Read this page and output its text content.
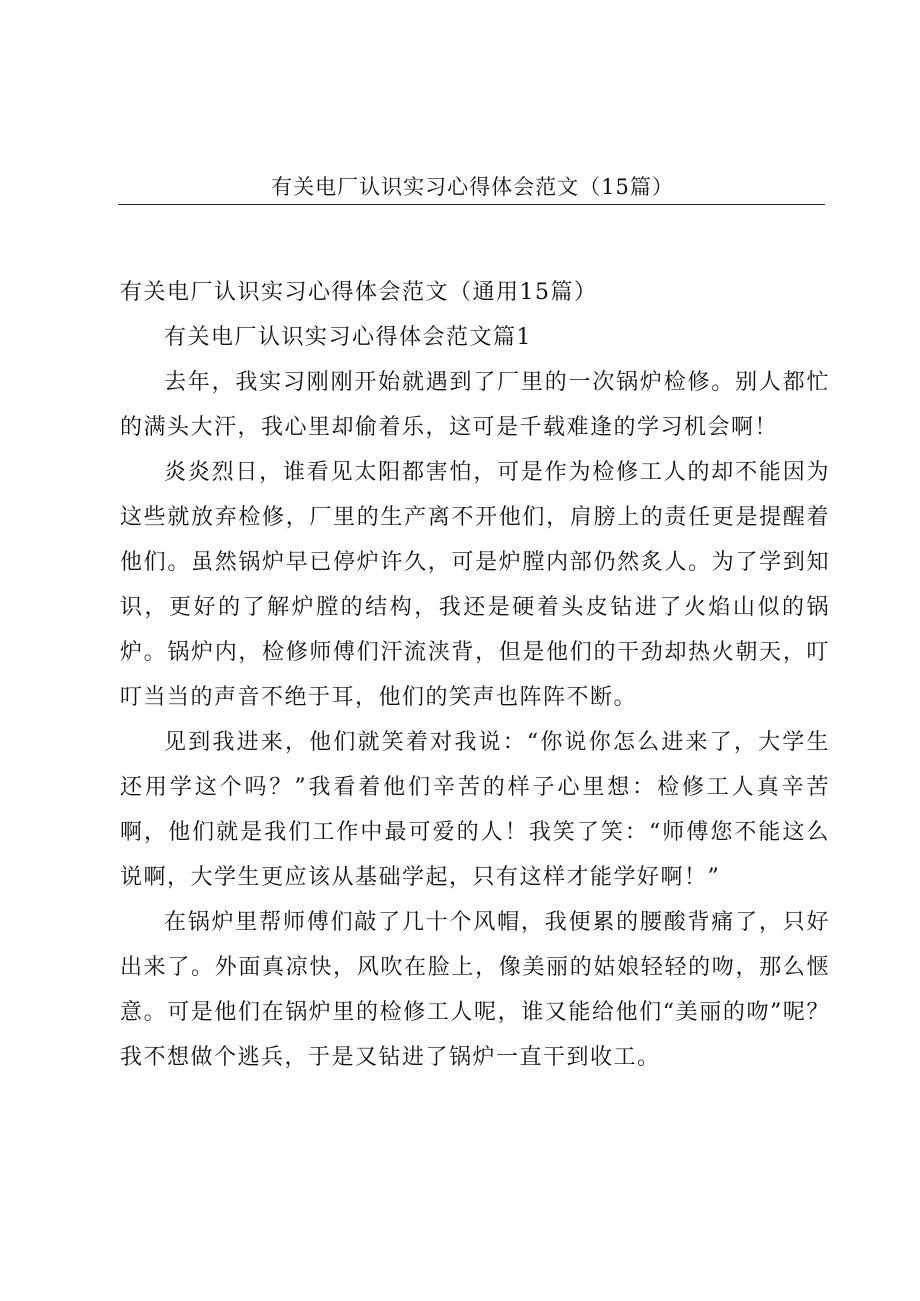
有关电厂认识实习心得体会范文（15篇）

有关电厂认识实习心得体会范文（通用15篇）

有关电厂认识实习心得体会范文篇1

去年，我实习刚刚开始就遇到了厂里的一次锅炉检修。别人都忙的满头大汗，我心里却偷着乐，这可是千载难逢的学习机会啊！

炎炎烈日，谁看见太阳都害怕，可是作为检修工人的却不能因为这些就放弃检修，厂里的生产离不开他们，肩膀上的责任更是提醒着他们。虽然锅炉早已停炉许久，可是炉膛内部仍然炙人。为了学到知识，更好的了解炉膛的结构，我还是硬着头皮钻进了火焰山似的锅炉。锅炉内，检修师傅们汗流浃背，但是他们的干劲却热火朝天，叮叮当当的声音不绝于耳，他们的笑声也阵阵不断。

见到我进来，他们就笑着对我说：“你说你怎么进来了，大学生还用学这个吗？”我看着他们辛苦的样子心里想：检修工人真辛苦啊，他们就是我们工作中最可爱的人！我笑了笑：“师傅您不能这么说啊，大学生更应该从基础学起，只有这样才能学好啊！”

在锅炉里帮师傅们敲了几十个风帽，我便累的腰酸背痛了，只好出来了。外面真凉快，风吹在脸上，像美丽的姑娘轻轻的吻，那么惬意。可是他们在锅炉里的检修工人呢，谁又能给他们“美丽的吻”呢？我不想做个逃兵，于是又钻进了锅炉一直干到收工。
